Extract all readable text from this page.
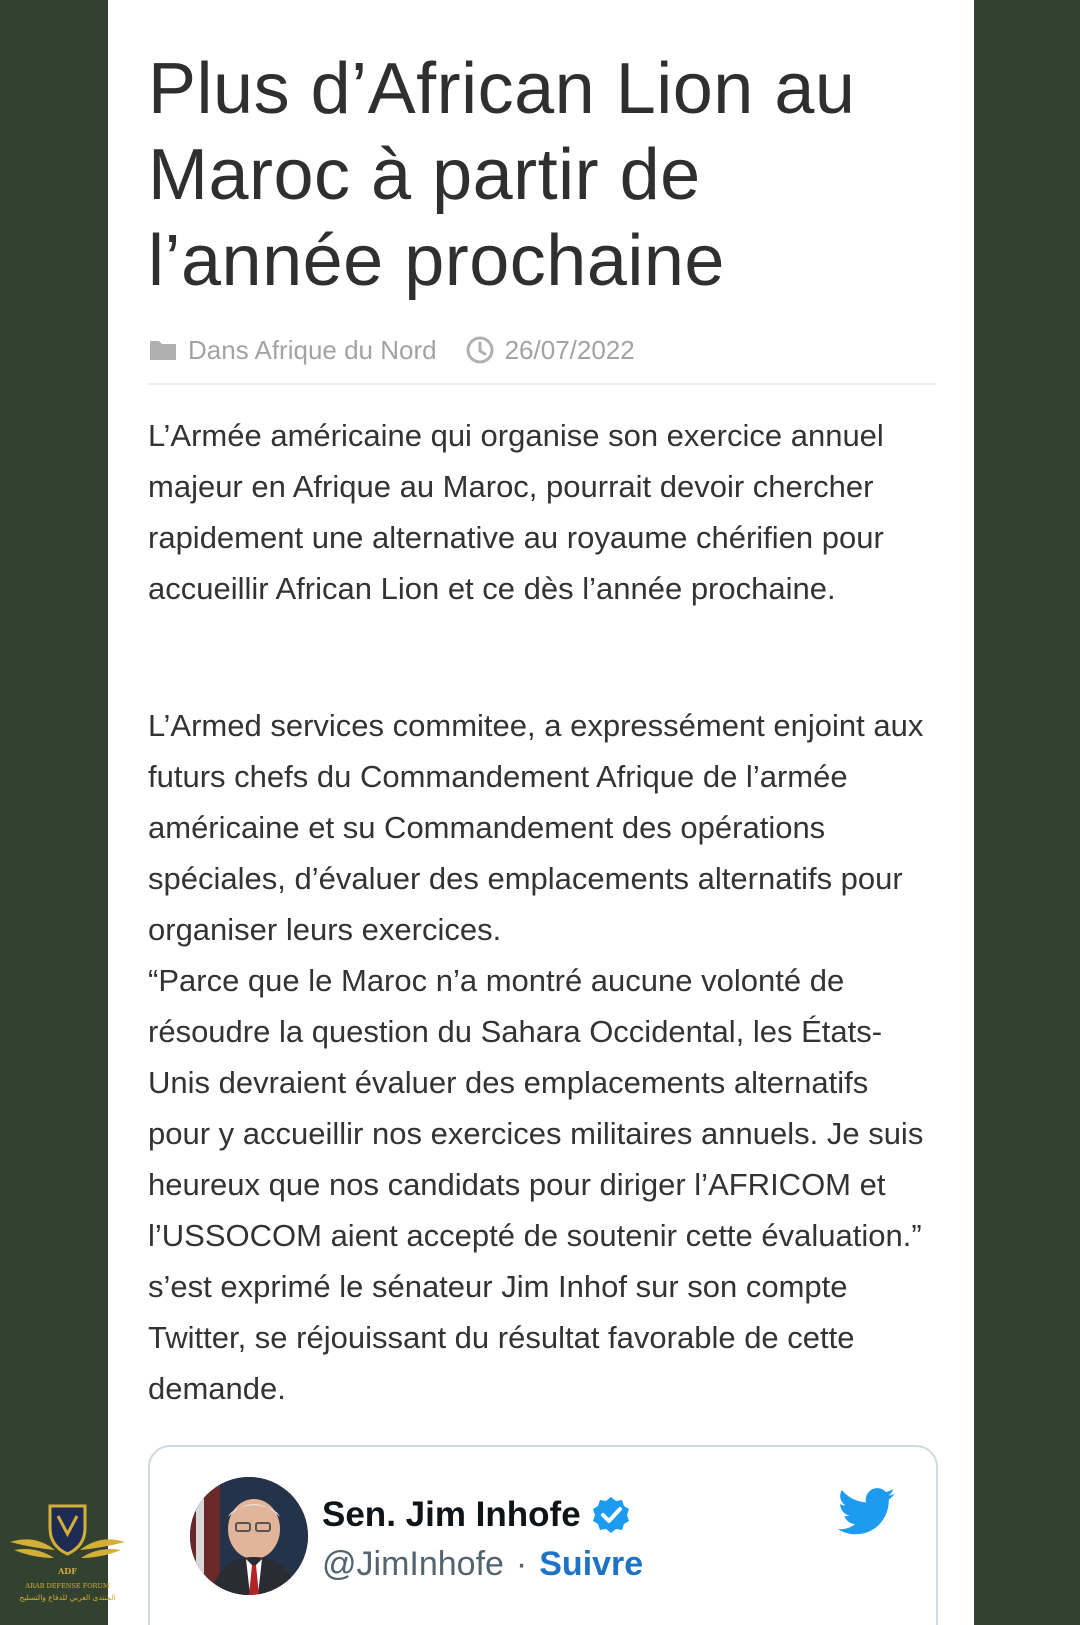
Plus d’African Lion au Maroc à partir de l’année prochaine
Dans Afrique du Nord	26/07/2022

L’Armée américaine qui organise son exercice annuel majeur en Afrique au Maroc, pourrait devoir chercher rapidement une alternative au royaume chérifien pour accueillir African Lion et ce dès l’année prochaine.

L’Armed services commitee, a expressément enjoint aux futurs chefs du Commandement Afrique de l’armée américaine et su Commandement des opérations spéciales, d’évaluer des emplacements alternatifs pour organiser leurs exercices.

“Parce que le Maroc n’a montré aucune volonté de résoudre la question du Sahara Occidental, les États-Unis devraient évaluer des emplacements alternatifs pour y accueillir nos exercices militaires annuels. Je suis heureux que nos candidats pour diriger l’AFRICOM et l’USSOCOM aient accepté de soutenir cette évaluation.” s’est exprimé le sénateur Jim Inhof sur son compte Twitter, se réjouissant du résultat favorable de cette demande.

Sen. Jim Inhofe
@JimInhofe · Suivre
ADF
ARAB DEFENSE FORUM
المنتدى العربي للدفاع والتسليح
